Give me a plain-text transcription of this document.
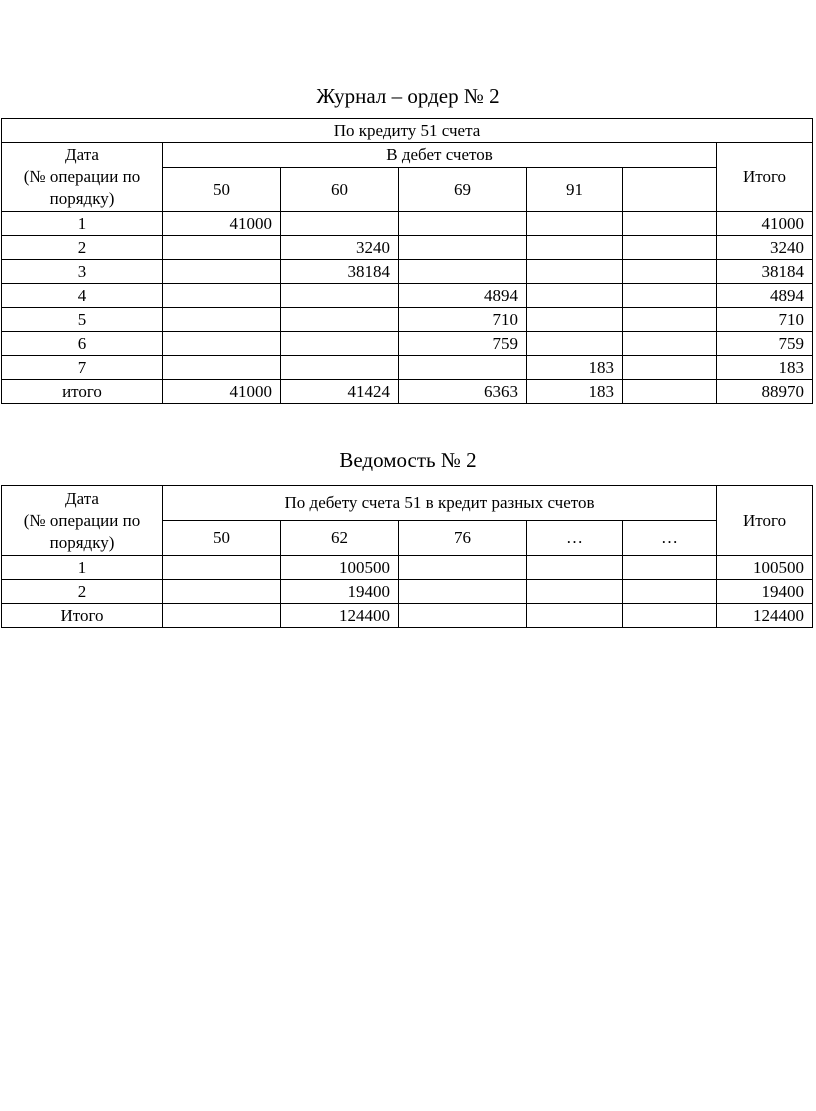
Журнал – ордер № 2
По кредиту 51 счета						

Дата
(№ операции по
порядку)	В дебет счетов					Итого
	50	60	69	91		
1	41000					41000
2		3240				3240
3		38184				38184
4			4894			4894
5			710			710
6			759			759
7				183		183
итого	41000	41424	6363	183		88970
Ведомость № 2
Дата
(№ операции по
порядку)	По дебету счета 51 в кредит разных счетов					Итого
	50	62	76	…	…	
1		100500				100500
2		19400				19400
Итого		124400				124400
